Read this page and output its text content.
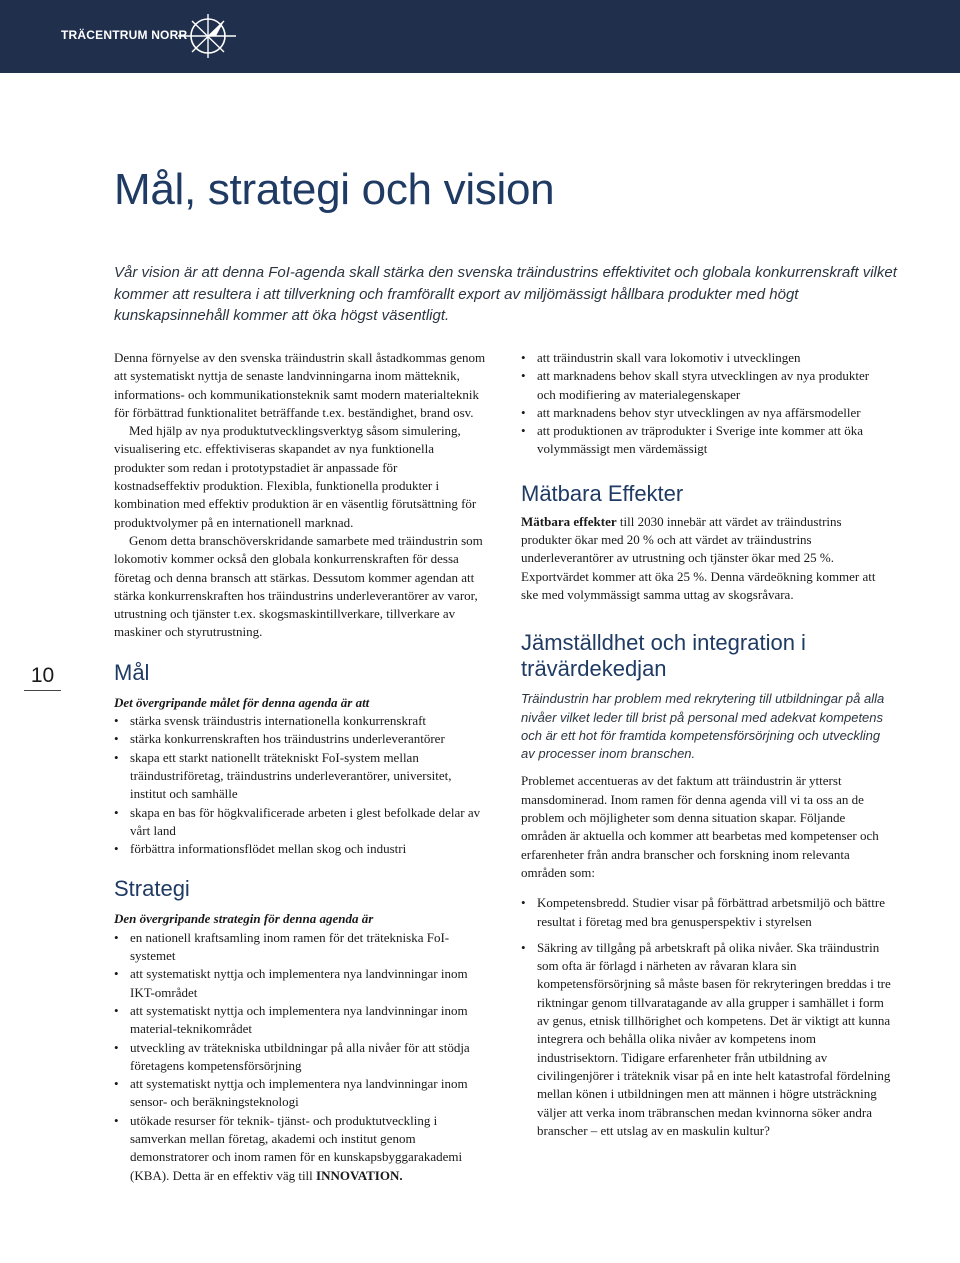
TRÄCENTRUM NORR
Mål, strategi och vision

Vår vision är att denna FoI-agenda skall stärka den svenska träindustrins effektivitet och globala konkurrenskraft vilket kommer att resultera i att tillverkning och framförallt export av miljömässigt hållbara produkter med högt kunskapsinnehåll kommer att öka högst väsentligt.

10

Denna förnyelse av den svenska träindustrin skall åstadkommas genom att systematiskt nyttja de senaste landvinningarna inom mätteknik, informations- och kommunikationsteknik samt modern materialteknik för förbättrad funktionalitet beträffande t.ex. beständighet, brand osv.

Med hjälp av nya produktutvecklingsverktyg såsom simulering, visualisering etc. effektiviseras skapandet av nya funktionella produkter som redan i prototypstadiet är anpassade för kostnadseffektiv produktion. Flexibla, funktionella produkter i kombination med effektiv produktion är en väsentlig förutsättning för produktvolymer på en internationell marknad.

Genom detta branschöverskridande samarbete med träindustrin som lokomotiv kommer också den globala konkurrenskraften för dessa företag och denna bransch att stärkas. Dessutom kommer agendan att stärka konkurrenskraften hos träindustrins underleverantörer av varor, utrustning och tjänster t.ex. skogsmaskintillverkare, tillverkare av maskiner och styrutrustning.

Mål

Det övergripande målet för denna agenda är att

• stärka svensk träindustris internationella konkurrenskraft
• stärka konkurrenskraften hos träindustrins underleverantörer
• skapa ett starkt nationellt trätekniskt FoI-system mellan träindustriföretag, träindustrins underleverantörer, universitet, institut och samhälle
• skapa en bas för högkvalificerade arbeten i glest befolkade delar av vårt land
• förbättra informationsflödet mellan skog och industri
Strategi

Den övergripande strategin för denna agenda är

• en nationell kraftsamling inom ramen för det trätekniska FoI-systemet
• att systematiskt nyttja och implementera nya landvinningar inom IKT-området
• att systematiskt nyttja och implementera nya landvinningar inom material-teknikområdet
• utveckling av trätekniska utbildningar på alla nivåer för att stödja företagens kompetensförsörjning
• att systematiskt nyttja och implementera nya landvinningar inom sensor- och beräkningsteknologi
• utökade resurser för teknik- tjänst- och produktutveckling i samverkan mellan företag, akademi och institut genom demonstratorer och inom ramen för en kunskapsbyggarakademi (KBA). Detta är en effektiv väg till INNOVATION.
• att träindustrin skall vara lokomotiv i utvecklingen
• att marknadens behov skall styra utvecklingen av nya produkter och modifiering av materialegenskaper
• att marknadens behov styr utvecklingen av nya affärsmodeller
• att produktionen av träprodukter i Sverige inte kommer att öka volymmässigt men värdemässigt
Mätbara Effekter

Mätbara effekter till 2030 innebär att värdet av träindustrins produkter ökar med 20 % och att värdet av träindustrins underleverantörer av utrustning och tjänster ökar med 25 %. Exportvärdet kommer att öka 25 %. Denna värdeökning kommer att ske med volymmässigt samma uttag av skogsråvara.

Jämställdhet och integration i trävärdekedjan

Träindustrin har problem med rekrytering till utbildningar på alla nivåer vilket leder till brist på personal med adekvat kompetens och är ett hot för framtida kompetensförsörjning och utveckling av processer inom branschen.

Problemet accentueras av det faktum att träindustrin är ytterst mansdominerad. Inom ramen för denna agenda vill vi ta oss an de problem och möjligheter som denna situation skapar. Följande områden är aktuella och kommer att bearbetas med kompetenser och erfarenheter från andra branscher och forskning inom relevanta områden som:

• Kompetensbredd. Studier visar på förbättrad arbetsmiljö och bättre resultat i företag med bra genusperspektiv i styrelsen
• Säkring av tillgång på arbetskraft på olika nivåer. Ska träindustrin som ofta är förlagd i närheten av råvaran klara sin kompetensförsörjning så måste basen för rekryteringen breddas i tre riktningar genom tillvaratagande av alla grupper i samhället i form av genus, etnisk tillhörighet och kompetens. Det är viktigt att kunna integrera och behålla olika nivåer av kompetens inom industrisektorn. Tidigare erfarenheter från utbildning av civilingenjörer i träteknik visar på en inte helt katastrofal fördelning mellan könen i utbildningen men att männen i högre utsträckning väljer att verka inom träbranschen medan kvinnorna söker andra branscher – ett utslag av en maskulin kultur?
